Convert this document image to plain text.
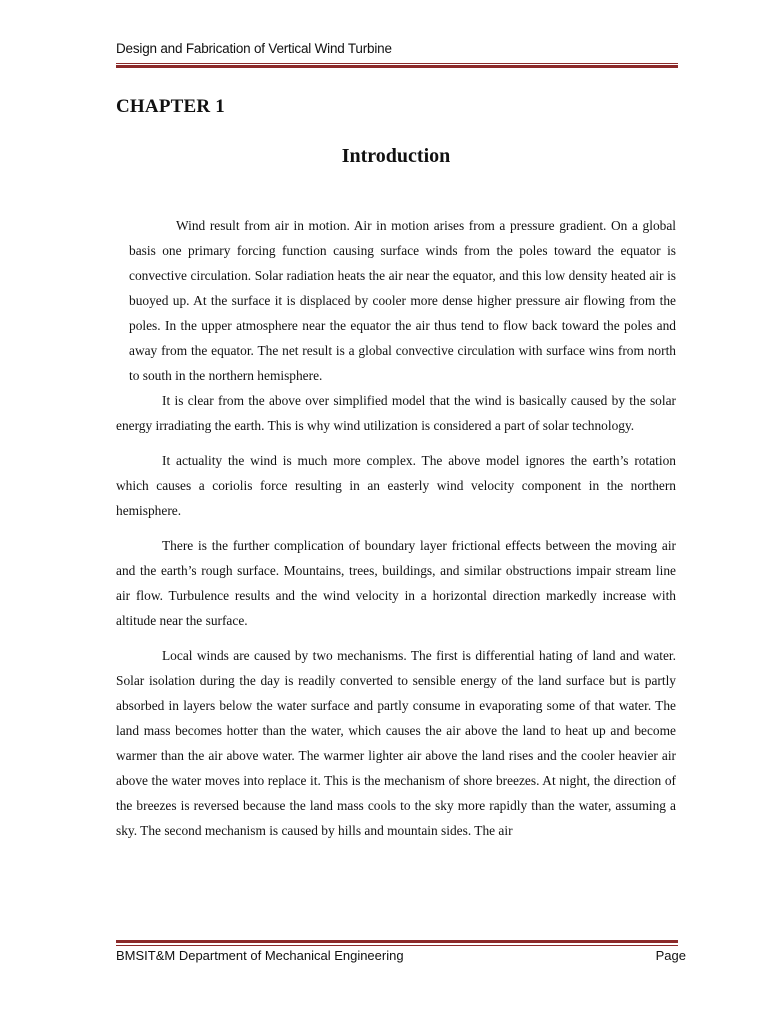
Design and Fabrication of Vertical Wind Turbine
CHAPTER 1
Introduction

Wind result from air in motion. Air in motion arises from a pressure gradient. On a global basis one primary forcing function causing surface winds from the poles toward the equator is convective circulation. Solar radiation heats the air near the equator, and this low density heated air is buoyed up. At the surface it is displaced by cooler more dense higher pressure air flowing from the poles. In the upper atmosphere near the equator the air thus tend to flow back toward the poles and away from the equator. The net result is a global convective circulation with surface wins from north to south in the northern hemisphere.

It is clear from the above over simplified model that the wind is basically caused by the solar energy irradiating the earth. This is why wind utilization is considered a part of solar technology.

It actuality the wind is much more complex. The above model ignores the earth’s rotation which causes a coriolis force resulting in an easterly wind velocity component in the northern hemisphere.

There is the further complication of boundary layer frictional effects between the moving air and the earth’s rough surface. Mountains, trees, buildings, and similar obstructions impair stream line air flow. Turbulence results and the wind velocity in a horizontal direction markedly increase with altitude near the surface.

Local winds are caused by two mechanisms. The first is differential hating of land and water. Solar isolation during the day is readily converted to sensible energy of the land surface but is partly absorbed in layers below the water surface and partly consume in evaporating some of that water. The land mass becomes hotter than the water, which causes the air above the land to heat up and become warmer than the air above water. The warmer lighter air above the land rises and the cooler heavier air above the water moves into replace it. This is the mechanism of shore breezes. At night, the direction of the breezes is reversed because the land mass cools to the sky more rapidly than the water, assuming a sky. The second mechanism is caused by hills and mountain sides. The air

BMSIT&M Department of Mechanical Engineering	Page
